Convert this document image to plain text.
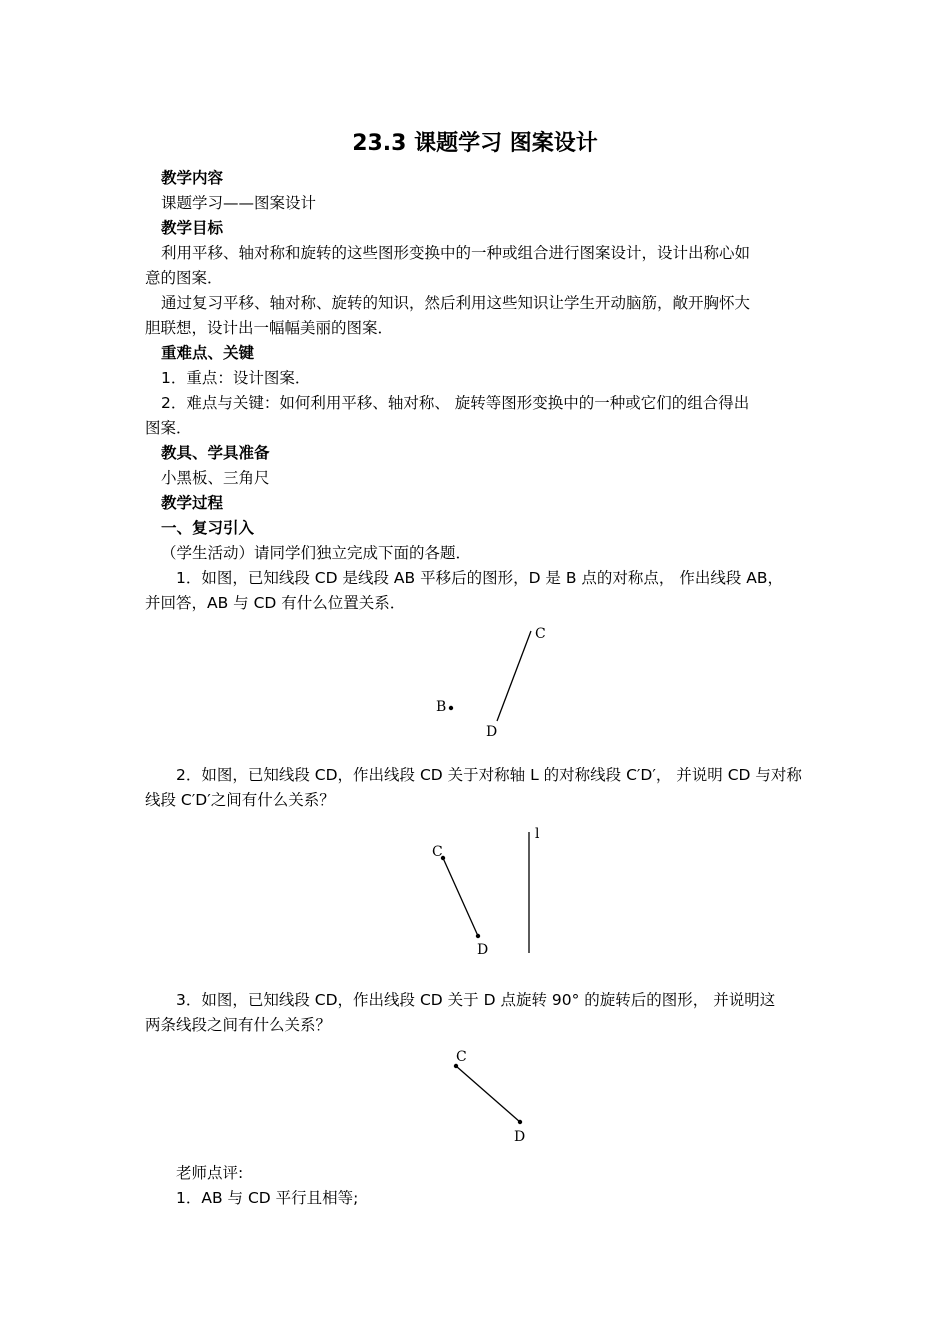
23.3 课题学习 图案设计
教学内容
课题学习——图案设计
教学目标
利用平移、轴对称和旋转的这些图形变换中的一种或组合进行图案设计，设计出称心如
意的图案．
通过复习平移、轴对称、旋转的知识，然后利用这些知识让学生开动脑筋，敞开胸怀大
胆联想，设计出一幅幅美丽的图案．
重难点、关键
1．重点：设计图案．
2．难点与关键：如何利用平移、轴对称、 旋转等图形变换中的一种或它们的组合得出
图案．
教具、学具准备
小黑板、三角尺
教学过程
一、复习引入
（学生活动）请同学们独立完成下面的各题．
1．如图，已知线段 CD 是线段 AB 平移后的图形，D 是 B 点的对称点， 作出线段 AB，
并回答，AB 与 CD 有什么位置关系．
C
B
D
2．如图，已知线段 CD，作出线段 CD 关于对称轴 L 的对称线段 C′D′， 并说明 CD 与对称
线段 C′D′之间有什么关系？
C
D
l
3．如图，已知线段 CD，作出线段 CD 关于 D 点旋转 90° 的旋转后的图形， 并说明这
两条线段之间有什么关系？
C
D
老师点评:
1．AB 与 CD 平行且相等;
